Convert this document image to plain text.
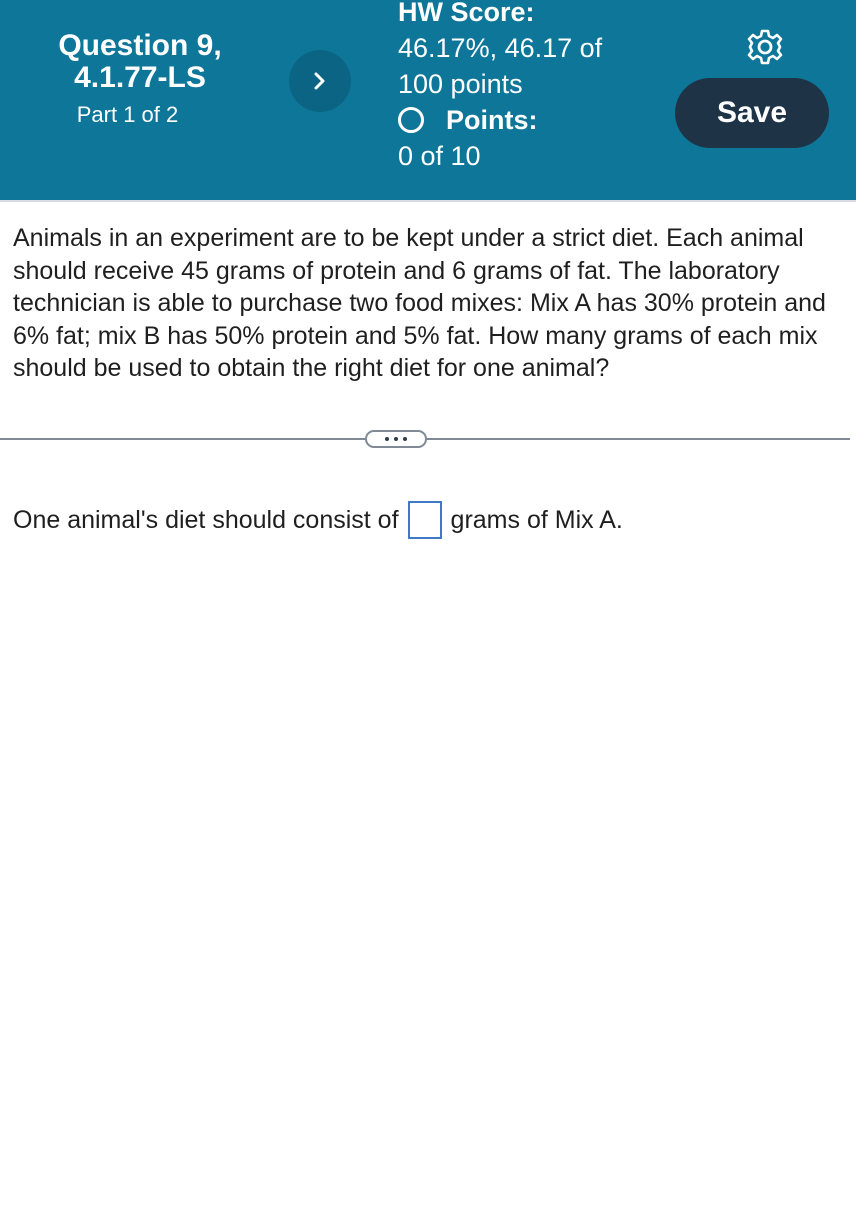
Question 9, 4.1.77-LS
Part 1 of 2
HW Score:
46.17%, 46.17 of 100 points
Points:
0 of 10
Save
Animals in an experiment are to be kept under a strict diet. Each animal should receive 45 grams of protein and 6 grams of fat. The laboratory technician is able to purchase two food mixes: Mix A has 30% protein and 6% fat; mix B has 50% protein and 5% fat. How many grams of each mix should be used to obtain the right diet for one animal?
One animal's diet should consist of grams of Mix A.
